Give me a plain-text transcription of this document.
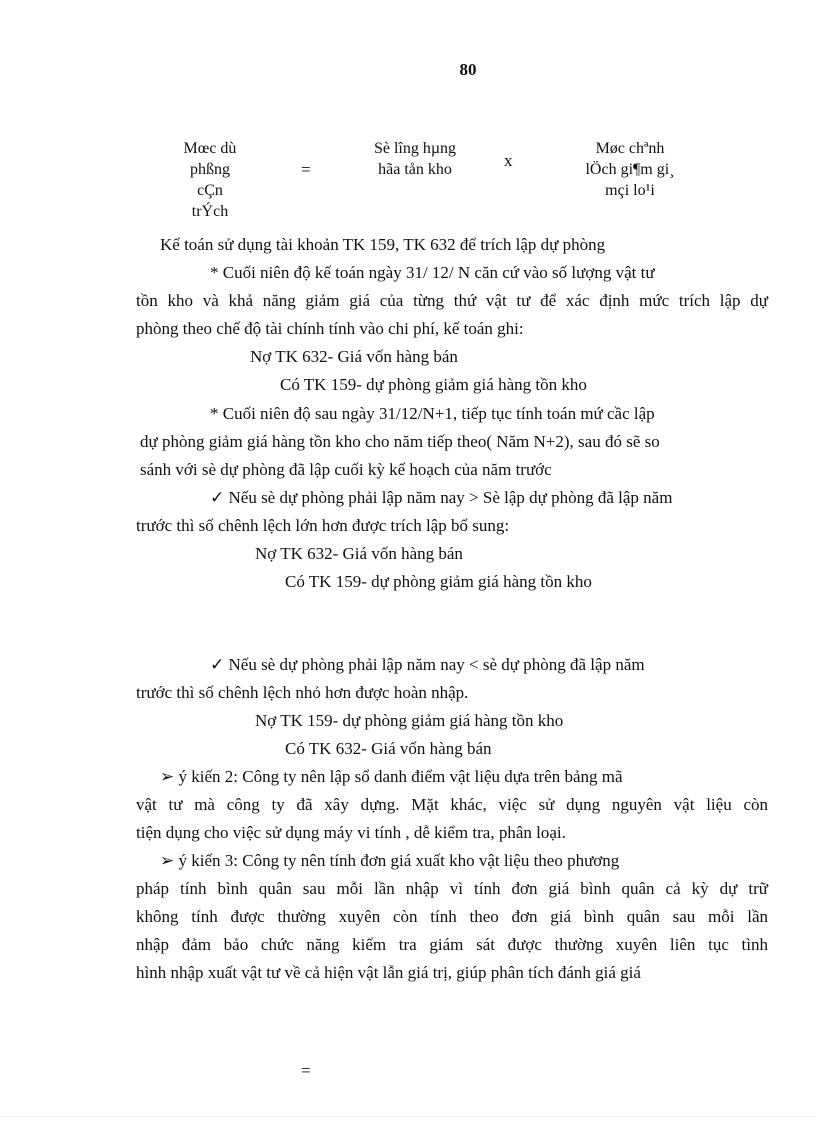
80
Mœc dù
phßng
cÇn
trÝch
=
Sè lîng hµng
hãa tån kho	x
Møc chªnh
lÖch gi¶m gi¸
mçi lo¹i
Kế toán sử dụng tài khoản TK 159, TK 632 để trích lập dự phòng
* Cuối niên độ kế toán ngày 31/ 12/ N căn cứ vào số lượng vật tư
tồn kho và khả năng giảm giá của từng thứ vật tư để xác định mức trích lập dự
phòng theo chế độ tài chính tính vào chi phí, kế toán ghi:
Nợ TK 632- Giá vốn hàng bán
Có TK 159- dự phòng giảm giá hàng tồn kho
* Cuối niên độ sau ngày 31/12/N+1, tiếp tục tính toán mứ cầc lập
dự phòng giảm giá hàng tồn kho cho năm tiếp theo( Năm N+2), sau đó sẽ so
sánh với sè dự phòng đã lập cuối kỳ kế hoạch của năm trước
✓ Nếu sè dự phòng phải lập năm nay > Sè lập dự phòng đã lập năm
trước thì số chênh lệch lớn hơn được trích lập bổ sung:
Nợ TK 632- Giá vốn hàng bán
Có TK 159- dự phòng giảm giá hàng tồn kho
✓ Nếu sè dự phòng phải lập năm nay < sè dự phòng đã lập năm
trước thì số chênh lệch nhỏ hơn được hoàn nhập.
Nợ TK 159- dự phòng giảm giá hàng tồn kho
Có TK 632- Giá vốn hàng bán
➢ ý kiến 2: Công ty nên lập sổ danh điểm vật liệu dựa trên bảng mã
vật tư mà công ty đã xây dựng. Mặt khác, việc sử dụng nguyên vật liệu còn
tiện dụng cho việc sử dụng máy vi tính , dễ kiểm tra, phân loại.
➢ ý kiến 3: Công ty nên tính đơn giá xuất kho vật liệu theo phương
pháp tính bình quân sau mỗi lần nhập vì tính đơn giá bình quân cả kỳ dự trữ
không tính được thường xuyên còn tính theo đơn giá bình quân sau mỗi lần
nhập đảm bảo chức năng kiểm tra giám sát được thường xuyên liên tục tình
hình nhập xuất vật tư về cả hiện vật lẫn giá trị, giúp phân tích đánh giá giá
=
